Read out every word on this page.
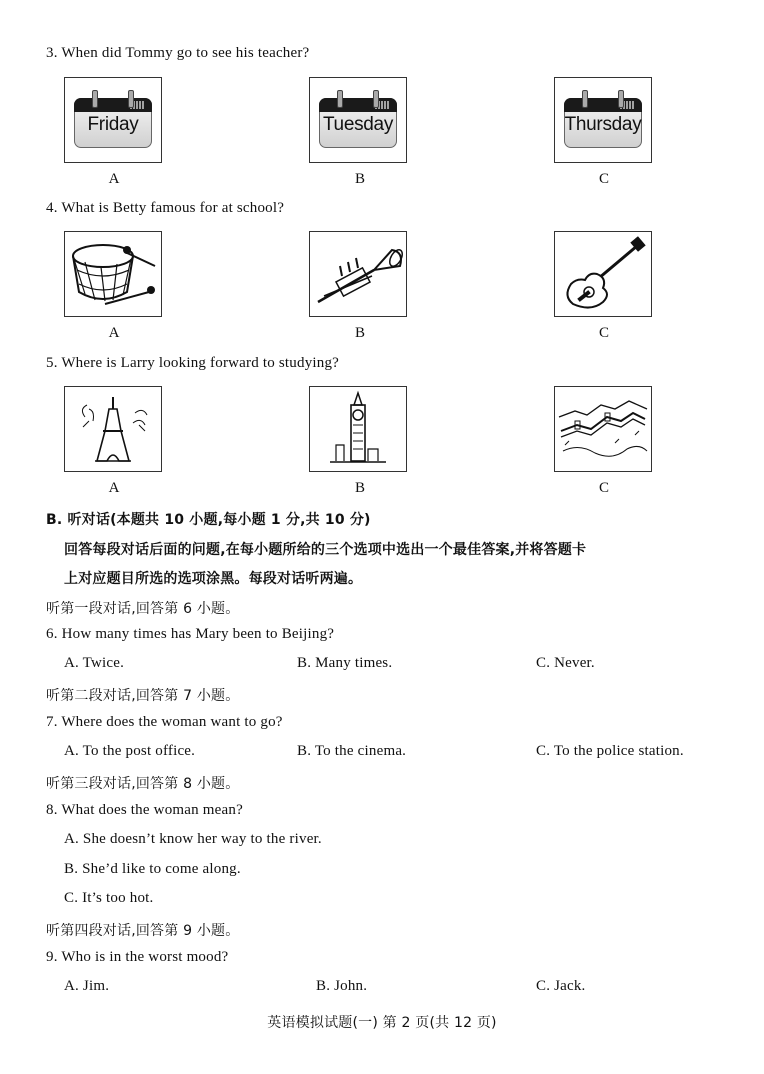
3. When did Tommy go to see his teacher?
Friday	Tuesday	Thursday
A	B	C
4. What is Betty famous for at school?
A	B	C
5. Where is Larry looking forward to studying?
A	B	C
B. 听对话(本题共 10 小题,每小题 1 分,共 10 分)
回答每段对话后面的问题,在每小题所给的三个选项中选出一个最佳答案,并将答题卡
上对应题目所选的选项涂黑。每段对话听两遍。
听第一段对话,回答第 6 小题。
6. How many times has Mary been to Beijing?
A. Twice.	B. Many times.	C. Never.
听第二段对话,回答第 7 小题。
7. Where does the woman want to go?
A. To the post office.	B. To the cinema.	C. To the police station.
听第三段对话,回答第 8 小题。
8. What does the woman mean?
A. She doesn’t know her way to the river.
B. She’d like to come along.
C. It’s too hot.
听第四段对话,回答第 9 小题。
9. Who is in the worst mood?
A. Jim.	B. John.	C. Jack.
英语模拟试题(一) 第 2 页(共 12 页)
